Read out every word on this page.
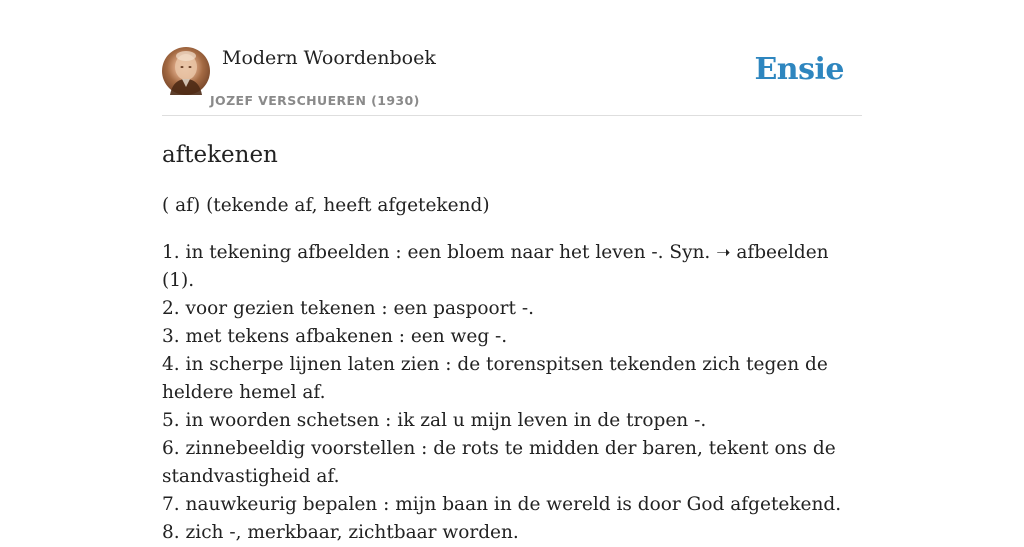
Modern Woordenboek
JOZEF VERSCHUEREN (1930)
Ensie
aftekenen
( af) (tekende af, heeft afgetekend)
1. in tekening afbeelden : een bloem naar het leven -. Syn. ➝ afbeelden (1).
2. voor gezien tekenen : een paspoort -.
3. met tekens afbakenen : een weg -.
4. in scherpe lijnen laten zien : de torenspitsen tekenden zich tegen de heldere hemel af.
5. in woorden schetsen : ik zal u mijn leven in de tropen -.
6. zinnebeeldig voorstellen : de rots te midden der baren, tekent ons de standvastigheid af.
7. nauwkeurig bepalen : mijn baan in de wereld is door God afgetekend.
8. zich -, merkbaar, zichtbaar worden.
